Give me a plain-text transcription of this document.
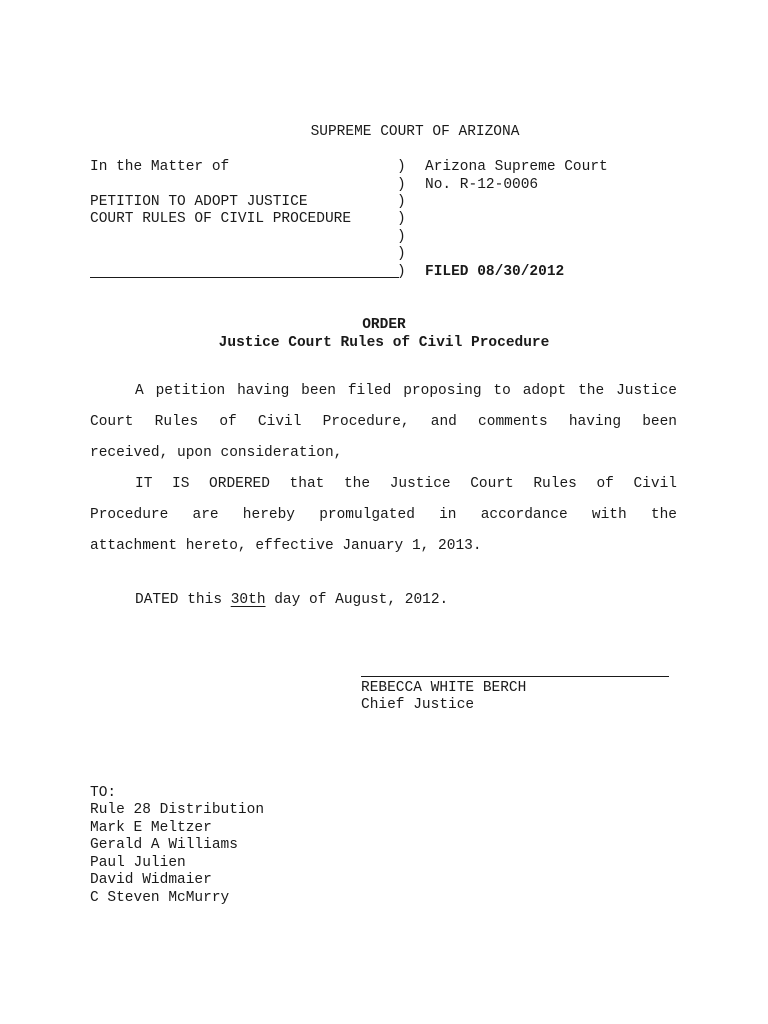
SUPREME COURT OF ARIZONA
In the Matter of
PETITION TO ADOPT JUSTICE
COURT RULES OF CIVIL PROCEDURE
)
)
)
)
)
)
)
Arizona Supreme Court
No. R-12-0006
FILED 08/30/2012
ORDER
Justice Court Rules of Civil Procedure
A petition having been filed proposing to adopt the Justice
Court Rules of Civil Procedure, and comments having been
received, upon consideration,
IT IS ORDERED that the Justice Court Rules of Civil
Procedure are hereby promulgated in accordance with the
attachment hereto, effective January 1, 2013.
DATED this 30th day of August, 2012.
REBECCA WHITE BERCH
Chief Justice
TO:
Rule 28 Distribution
Mark E Meltzer
Gerald A Williams
Paul Julien
David Widmaier
C Steven McMurry
